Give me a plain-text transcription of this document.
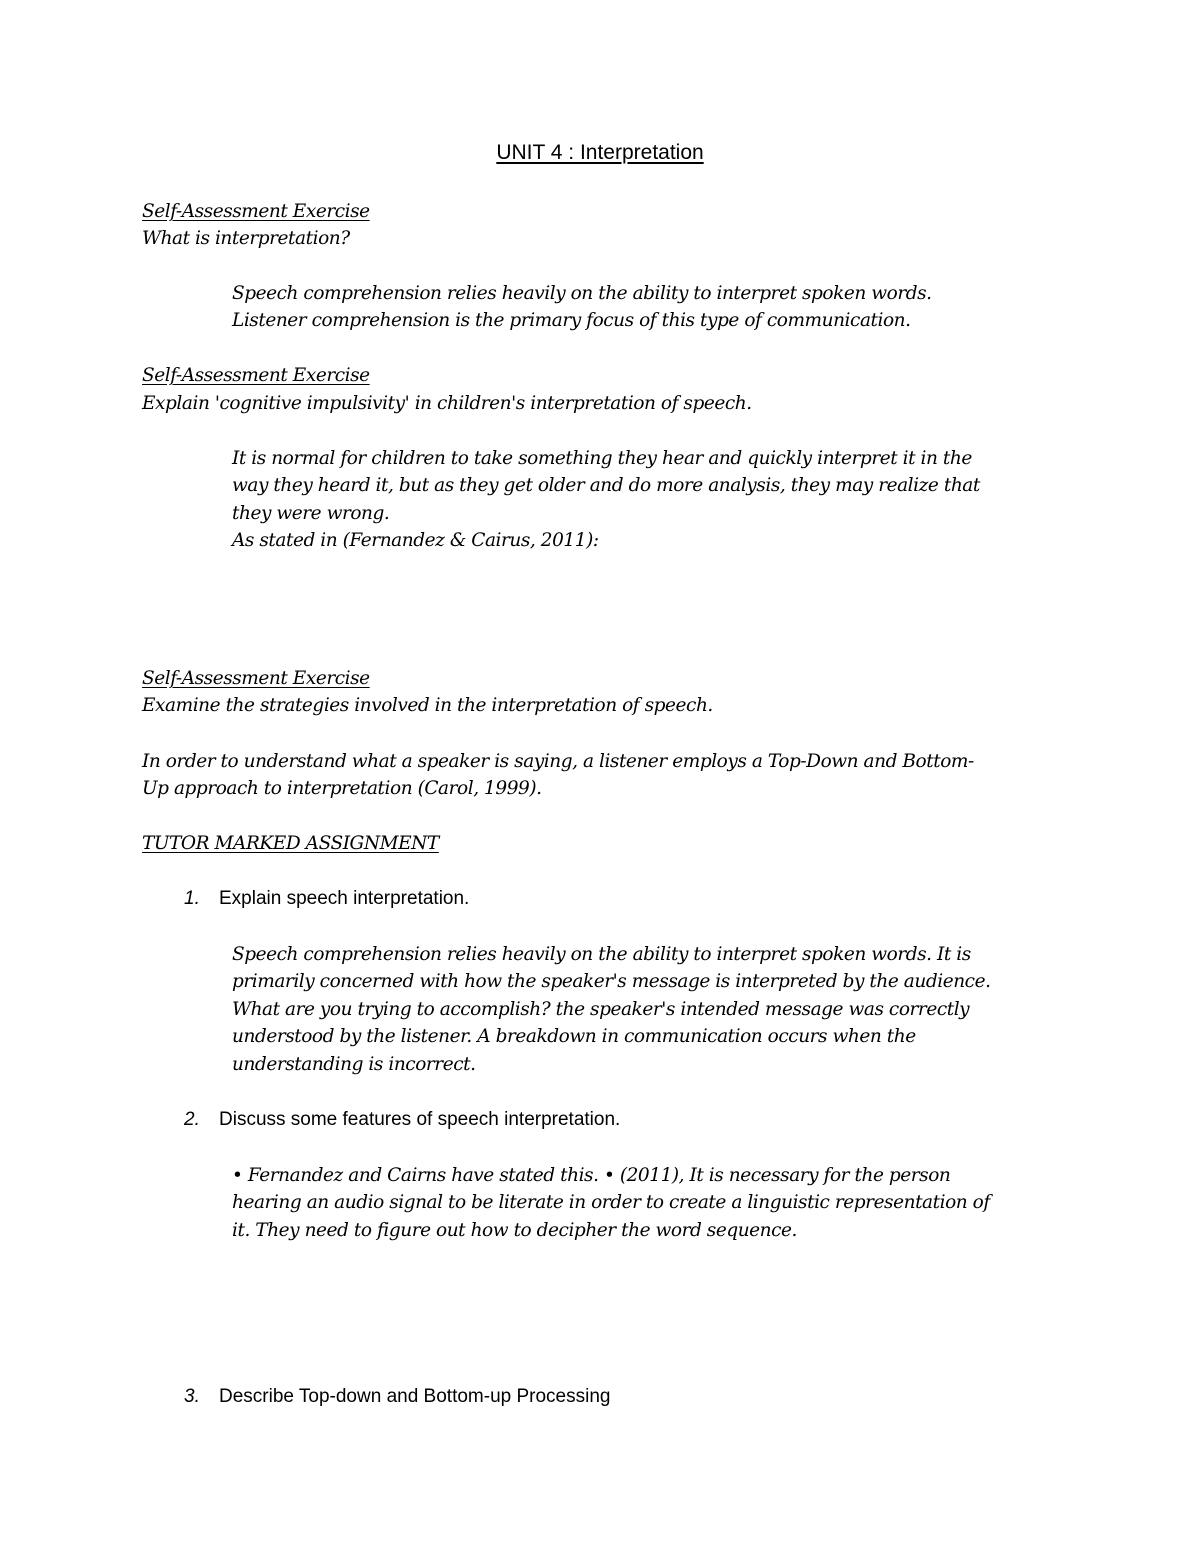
UNIT 4 : Interpretation
Self-Assessment Exercise
What is interpretation?
Speech comprehension relies heavily on the ability to interpret spoken words.
Listener comprehension is the primary focus of this type of communication.
Self-Assessment Exercise
Explain 'cognitive impulsivity' in children's interpretation of speech.
It is normal for children to take something they hear and quickly interpret it in the
way they heard it, but as they get older and do more analysis, they may realize that
they were wrong.
As stated in (Fernandez & Cairus, 2011):
Self-Assessment Exercise
Examine the strategies involved in the interpretation of speech.
In order to understand what a speaker is saying, a listener employs a Top-Down and Bottom-
Up approach to interpretation (Carol, 1999).
TUTOR MARKED ASSIGNMENT
1. Explain speech interpretation.
Speech comprehension relies heavily on the ability to interpret spoken words. It is
primarily concerned with how the speaker's message is interpreted by the audience.
What are you trying to accomplish? the speaker's intended message was correctly
understood by the listener. A breakdown in communication occurs when the
understanding is incorrect.
2. Discuss some features of speech interpretation.
• Fernandez and Cairns have stated this. • (2011), It is necessary for the person
hearing an audio signal to be literate in order to create a linguistic representation of
it. They need to figure out how to decipher the word sequence.
3. Describe Top-down and Bottom-up Processing
